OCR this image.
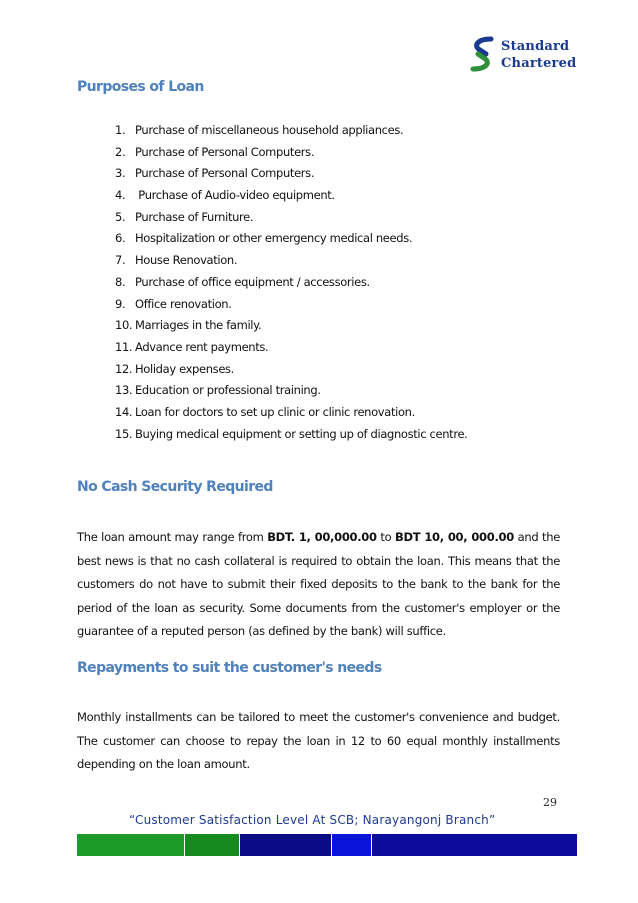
Standard
Chartered
Purposes of Loan
1. Purchase of miscellaneous household appliances.
2. Purchase of Personal Computers.
3. Purchase of Personal Computers.
4. Purchase of Audio-video equipment.
5. Purchase of Furniture.
6. Hospitalization or other emergency medical needs.
7. House Renovation.
8. Purchase of office equipment / accessories.
9. Office renovation.
10. Marriages in the family.
11. Advance rent payments.
12. Holiday expenses.
13. Education or professional training.
14. Loan for doctors to set up clinic or clinic renovation.
15. Buying medical equipment or setting up of diagnostic centre.
No Cash Security Required

The loan amount may range from BDT. 1, 00,000.00 to BDT 10, 00, 000.00 and the best news is that no cash collateral is required to obtain the loan. This means that the customers do not have to submit their fixed deposits to the bank to the bank for the period of the loan as security. Some documents from the customer's employer or the guarantee of a reputed person (as defined by the bank) will suffice.

Repayments to suit the customer's needs

Monthly installments can be tailored to meet the customer's convenience and budget. The customer can choose to repay the loan in 12 to 60 equal monthly installments depending on the loan amount.

29
“Customer Satisfaction Level At SCB; Narayangonj Branch”
